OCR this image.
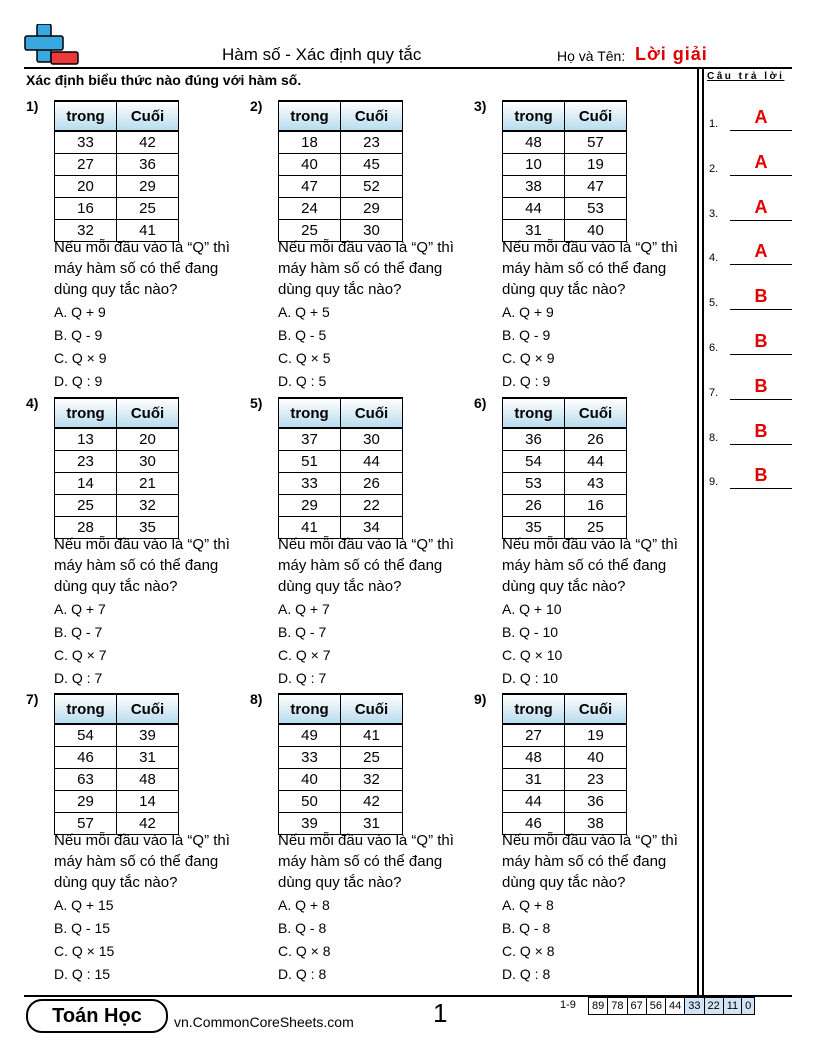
Hàm số - Xác định quy tắc	Họ và Tên: Lời giải
Xác định biểu thức nào đúng với hàm số.	Câu trả lời
1.	A
2.	A
3.	A
4.	A
5.	B
6.	B
7.	B
8.	B
9.	B
1)
trong	Cuối
33	42
27	36
20	29
16	25
32	41
Nếu mỗi đầu vào là “Q” thì máy hàm số có thể đang dùng quy tắc nào?
A. Q + 9
B. Q - 9
C. Q × 9
D. Q : 9
2)
trong	Cuối
18	23
40	45
47	52
24	29
25	30
Nếu mỗi đầu vào là “Q” thì máy hàm số có thể đang dùng quy tắc nào?
A. Q + 5
B. Q - 5
C. Q × 5
D. Q : 5
3)
trong	Cuối
48	57
10	19
38	47
44	53
31	40
Nếu mỗi đầu vào là “Q” thì máy hàm số có thể đang dùng quy tắc nào?
A. Q + 9
B. Q - 9
C. Q × 9
D. Q : 9
4)
trong	Cuối
13	20
23	30
14	21
25	32
28	35
Nếu mỗi đầu vào là “Q” thì máy hàm số có thể đang dùng quy tắc nào?
A. Q + 7
B. Q - 7
C. Q × 7
D. Q : 7
5)
trong	Cuối
37	30
51	44
33	26
29	22
41	34
Nếu mỗi đầu vào là “Q” thì máy hàm số có thể đang dùng quy tắc nào?
A. Q + 7
B. Q - 7
C. Q × 7
D. Q : 7
6)
trong	Cuối
36	26
54	44
53	43
26	16
35	25
Nếu mỗi đầu vào là “Q” thì máy hàm số có thể đang dùng quy tắc nào?
A. Q + 10
B. Q - 10
C. Q × 10
D. Q : 10
7)
trong	Cuối
54	39
46	31
63	48
29	14
57	42
Nếu mỗi đầu vào là “Q” thì máy hàm số có thể đang dùng quy tắc nào?
A. Q + 15
B. Q - 15
C. Q × 15
D. Q : 15
8)
trong	Cuối
49	41
33	25
40	32
50	42
39	31
Nếu mỗi đầu vào là “Q” thì máy hàm số có thể đang dùng quy tắc nào?
A. Q + 8
B. Q - 8
C. Q × 8
D. Q : 8
9)
trong	Cuối
27	19
48	40
31	23
44	36
46	38
Nếu mỗi đầu vào là “Q” thì máy hàm số có thể đang dùng quy tắc nào?
A. Q + 8
B. Q - 8
C. Q × 8
D. Q : 8
Toán Học	vn.CommonCoreSheets.com	1	1-9 89	78	67	56	44	33	22	11	0
